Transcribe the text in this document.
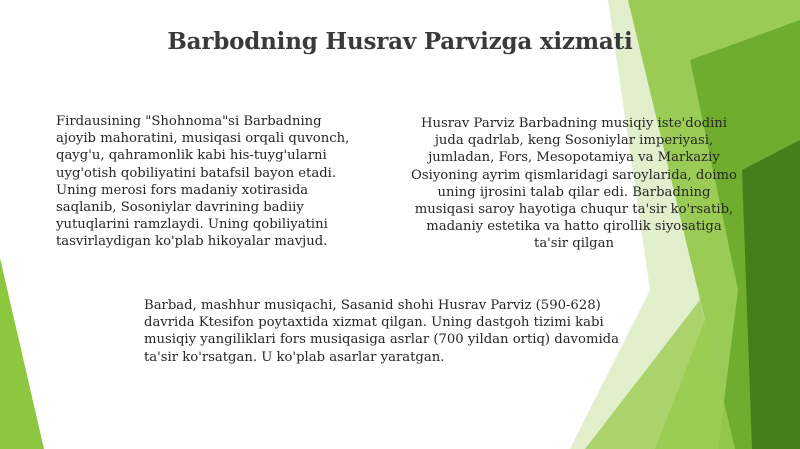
Barbodning Husrav Parvizga xizmati
Firdausining "Shohnoma"si Barbadning
ajoyib mahoratini, musiqasi orqali quvonch,
qayg'u, qahramonlik kabi his-tuyg'ularni
uyg'otish qobiliyatini batafsil bayon etadi.
Uning merosi fors madaniy xotirasida
saqlanib, Sosoniylar davrining badiiy
yutuqlarini ramzlaydi. Uning qobiliyatini
tasvirlaydigan ko'plab hikoyalar mavjud.
Husrav Parviz Barbadning musiqiy iste'dodini
juda qadrlab, keng Sosoniylar imperiyasi,
jumladan, Fors, Mesopotamiya va Markaziy
Osiyoning ayrim qismlaridagi saroylarida, doimo
uning ijrosini talab qilar edi. Barbadning
musiqasi saroy hayotiga chuqur ta'sir ko'rsatib,
madaniy estetika va hatto qirollik siyosatiga
ta'sir qilgan
Barbad, mashhur musiqachi, Sasanid shohi Husrav Parviz (590-628)
davrida Ktesifon poytaxtida xizmat qilgan. Uning dastgoh tizimi kabi
musiqiy yangiliklari fors musiqasiga asrlar (700 yildan ortiq) davomida
ta'sir ko'rsatgan. U ko'plab asarlar yaratgan.
